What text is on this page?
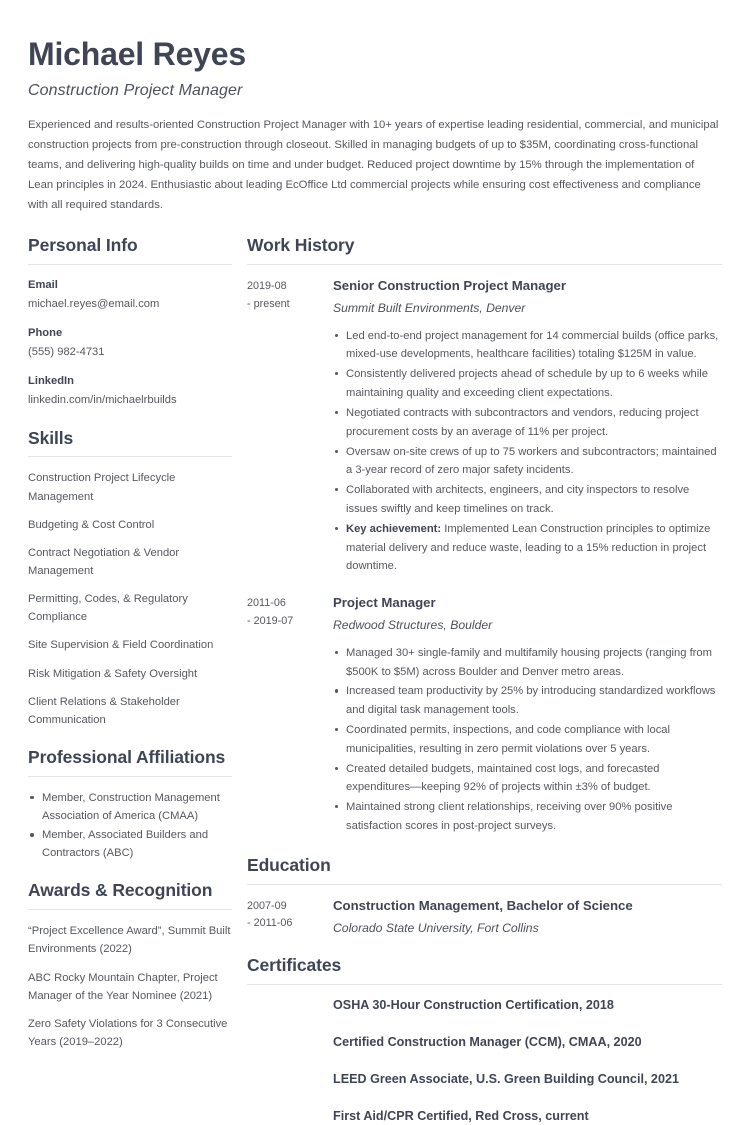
Michael Reyes
Construction Project Manager
Experienced and results-oriented Construction Project Manager with 10+ years of expertise leading residential, commercial, and municipal construction projects from pre-construction through closeout. Skilled in managing budgets of up to $35M, coordinating cross-functional teams, and delivering high-quality builds on time and under budget. Reduced project downtime by 15% through the implementation of Lean principles in 2024. Enthusiastic about leading EcOffice Ltd commercial projects while ensuring cost effectiveness and compliance with all required standards.
Personal Info
Email
michael.reyes@email.com
Phone
(555) 982-4731
LinkedIn
linkedin.com/in/michaelrbuilds
Skills
Construction Project Lifecycle Management
Budgeting & Cost Control
Contract Negotiation & Vendor Management
Permitting, Codes, & Regulatory Compliance
Site Supervision & Field Coordination
Risk Mitigation & Safety Oversight
Client Relations & Stakeholder Communication
Professional Affiliations
Member, Construction Management Association of America (CMAA)
Member, Associated Builders and Contractors (ABC)
Awards & Recognition
“Project Excellence Award”, Summit Built Environments (2022)
ABC Rocky Mountain Chapter, Project Manager of the Year Nominee (2021)
Zero Safety Violations for 3 Consecutive Years (2019–2022)
Work History
2019-08
- present
Senior Construction Project Manager
Summit Built Environments, Denver
Led end-to-end project management for 14 commercial builds (office parks, mixed-use developments, healthcare facilities) totaling $125M in value.
Consistently delivered projects ahead of schedule by up to 6 weeks while maintaining quality and exceeding client expectations.
Negotiated contracts with subcontractors and vendors, reducing project procurement costs by an average of 11% per project.
Oversaw on-site crews of up to 75 workers and subcontractors; maintained a 3-year record of zero major safety incidents.
Collaborated with architects, engineers, and city inspectors to resolve issues swiftly and keep timelines on track.
Key achievement: Implemented Lean Construction principles to optimize material delivery and reduce waste, leading to a 15% reduction in project downtime.
2011-06
- 2019-07
Project Manager
Redwood Structures, Boulder
Managed 30+ single-family and multifamily housing projects (ranging from $500K to $5M) across Boulder and Denver metro areas.
Increased team productivity by 25% by introducing standardized workflows and digital task management tools.
Coordinated permits, inspections, and code compliance with local municipalities, resulting in zero permit violations over 5 years.
Created detailed budgets, maintained cost logs, and forecasted expenditures—keeping 92% of projects within ±3% of budget.
Maintained strong client relationships, receiving over 90% positive satisfaction scores in post-project surveys.
Education
2007-09
- 2011-06
Construction Management, Bachelor of Science
Colorado State University, Fort Collins
Certificates
OSHA 30-Hour Construction Certification, 2018
Certified Construction Manager (CCM), CMAA, 2020
LEED Green Associate, U.S. Green Building Council, 2021
First Aid/CPR Certified, Red Cross, current
